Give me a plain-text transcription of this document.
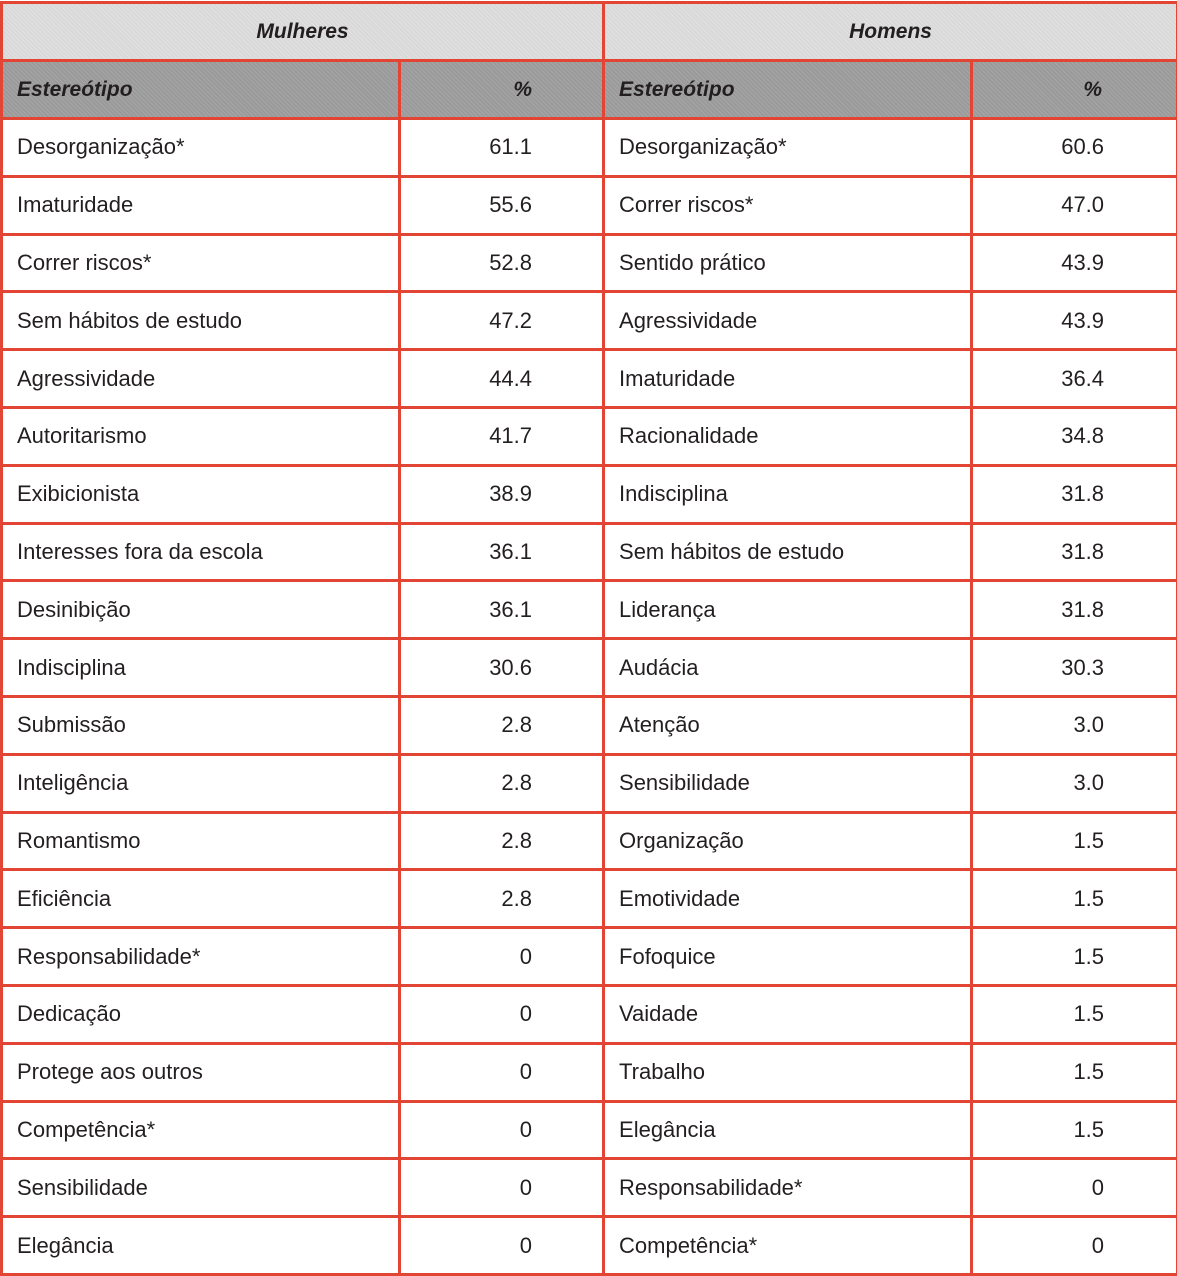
Mulheres		Homens	
Estereótipo	%	Estereótipo	%
Desorganização*	61.1	Desorganização*	60.6
Imaturidade	55.6	Correr riscos*	47.0
Correr riscos*	52.8	Sentido prático	43.9
Sem hábitos de estudo	47.2	Agressividade	43.9
Agressividade	44.4	Imaturidade	36.4
Autoritarismo	41.7	Racionalidade	34.8
Exibicionista	38.9	Indisciplina	31.8
Interesses fora da escola	36.1	Sem hábitos de estudo	31.8
Desinibição	36.1	Liderança	31.8
Indisciplina	30.6	Audácia	30.3
Submissão	2.8	Atenção	3.0
Inteligência	2.8	Sensibilidade	3.0
Romantismo	2.8	Organização	1.5
Eficiência	2.8	Emotividade	1.5
Responsabilidade*	0	Fofoquice	1.5
Dedicação	0	Vaidade	1.5
Protege aos outros	0	Trabalho	1.5
Competência*	0	Elegância	1.5
Sensibilidade	0	Responsabilidade*	0
Elegância	0	Competência*	0
